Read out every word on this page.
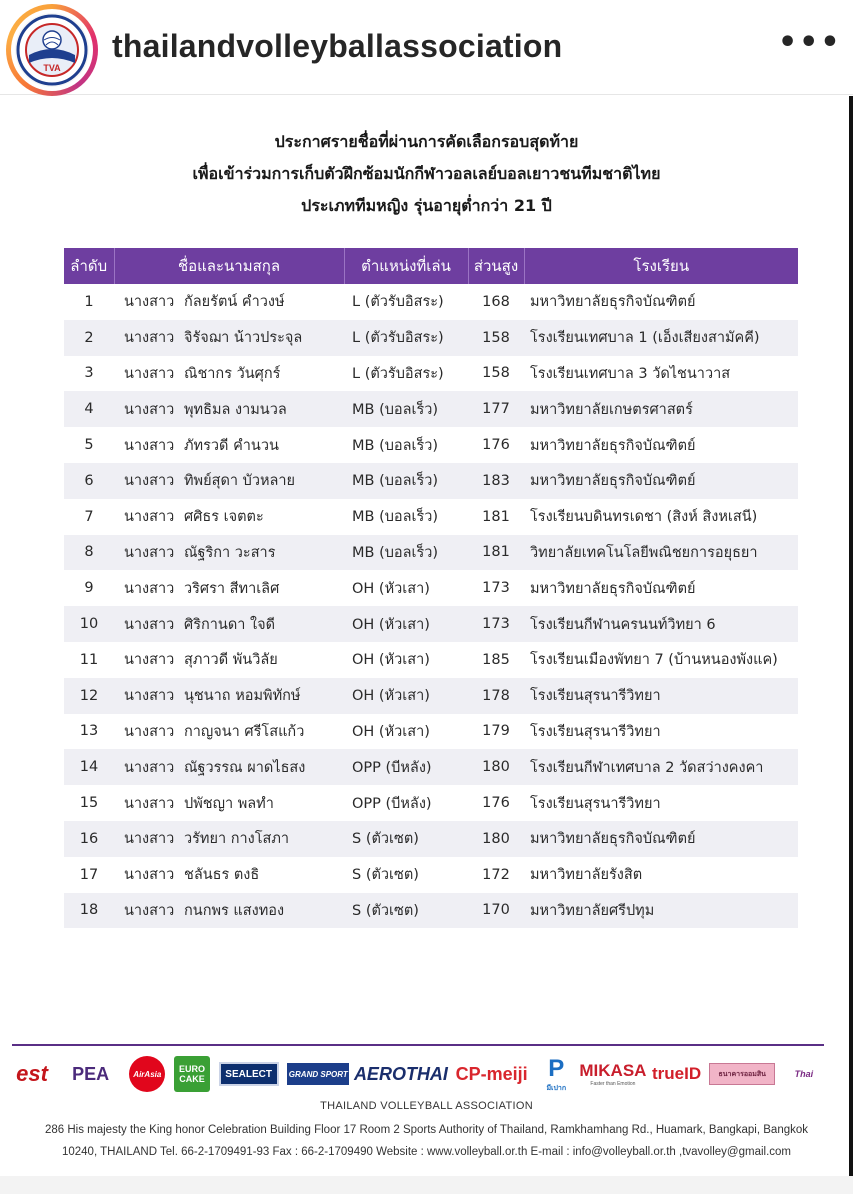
TVA
thailandvolleyballassociation	•••
ประกาศรายชื่อที่ผ่านการคัดเลือกรอบสุดท้าย
เพื่อเข้าร่วมการเก็บตัวฝึกซ้อมนักกีฬาวอลเลย์บอลเยาวชนทีมชาติไทย
ประเภททีมหญิง รุ่นอายุต่ำกว่า 21 ปี
ลำดับ	ชื่อและนามสกุล	ตำแหน่งที่เล่น	ส่วนสูง	โรงเรียน
1	นางสาว กัลยรัตน์ คำวงษ์	L (ตัวรับอิสระ)	168	มหาวิทยาลัยธุรกิจบัณฑิตย์
2	นางสาว จิรัจฌา น้าวประจุล	L (ตัวรับอิสระ)	158	โรงเรียนเทศบาล 1 (เอ็งเสียงสามัคคี)
3	นางสาว ณิชากร วันศุกร์	L (ตัวรับอิสระ)	158	โรงเรียนเทศบาล 3 วัดไชนาวาส
4	นางสาว พุทธิมล งามนวล	MB (บอลเร็ว)	177	มหาวิทยาลัยเกษตรศาสตร์
5	นางสาว ภัทรวดี คำนวน	MB (บอลเร็ว)	176	มหาวิทยาลัยธุรกิจบัณฑิตย์
6	นางสาว ทิพย์สุดา บัวหลาย	MB (บอลเร็ว)	183	มหาวิทยาลัยธุรกิจบัณฑิตย์
7	นางสาว ศศิธร เจตตะ	MB (บอลเร็ว)	181	โรงเรียนบดินทรเดชา (สิงห์ สิงหเสนี)
8	นางสาว ณัฐริกา วะสาร	MB (บอลเร็ว)	181	วิทยาลัยเทคโนโลยีพณิชยการอยุธยา
9	นางสาว วริศรา สีทาเลิศ	OH (หัวเสา)	173	มหาวิทยาลัยธุรกิจบัณฑิตย์
10	นางสาว ศิริกานดา ใจดี	OH (หัวเสา)	173	โรงเรียนกีฬานครนนท์วิทยา 6
11	นางสาว สุภาวดี พันวิลัย	OH (หัวเสา)	185	โรงเรียนเมืองพัทยา 7 (บ้านหนองพังแค)
12	นางสาว นุชนาถ หอมพิทักษ์	OH (หัวเสา)	178	โรงเรียนสุรนารีวิทยา
13	นางสาว กาญจนา ศรีโสแก้ว	OH (หัวเสา)	179	โรงเรียนสุรนารีวิทยา
14	นางสาว ณัฐวรรณ ผาดไธสง	OPP (บีหลัง)	180	โรงเรียนกีฬาเทศบาล 2 วัดสว่างคงคา
15	นางสาว ปพัชญา พลทำ	OPP (บีหลัง)	176	โรงเรียนสุรนารีวิทยา
16	นางสาว วรัทยา กางโสภา	S (ตัวเซต)	180	มหาวิทยาลัยธุรกิจบัณฑิตย์
17	นางสาว ชลันธร ตงธิ	S (ตัวเซต)	172	มหาวิทยาลัยรังสิต
18	นางสาว กนกพร แสงทอง	S (ตัวเซต)	170	มหาวิทยาลัยศรีปทุม
est	PEA	AirAsia	EURO CAKE	SEALECT	GRAND SPORT AEROTHAI CP-meiji P
มีเปาก
MIKASA
Faster than Emotion
trueID	ธนาคารออมสิน	Thai
THAILAND VOLLEYBALL ASSOCIATION
286 His majesty the King honor Celebration Building Floor 17 Room 2 Sports Authority of Thailand, Ramkhamhang Rd., Huamark, Bangkapi, Bangkok
10240, THAILAND Tel. 66-2-1709491-93 Fax : 66-2-1709490 Website : www.volleyball.or.th E-mail : info@volleyball.or.th ,tvavolley@gmail.com
